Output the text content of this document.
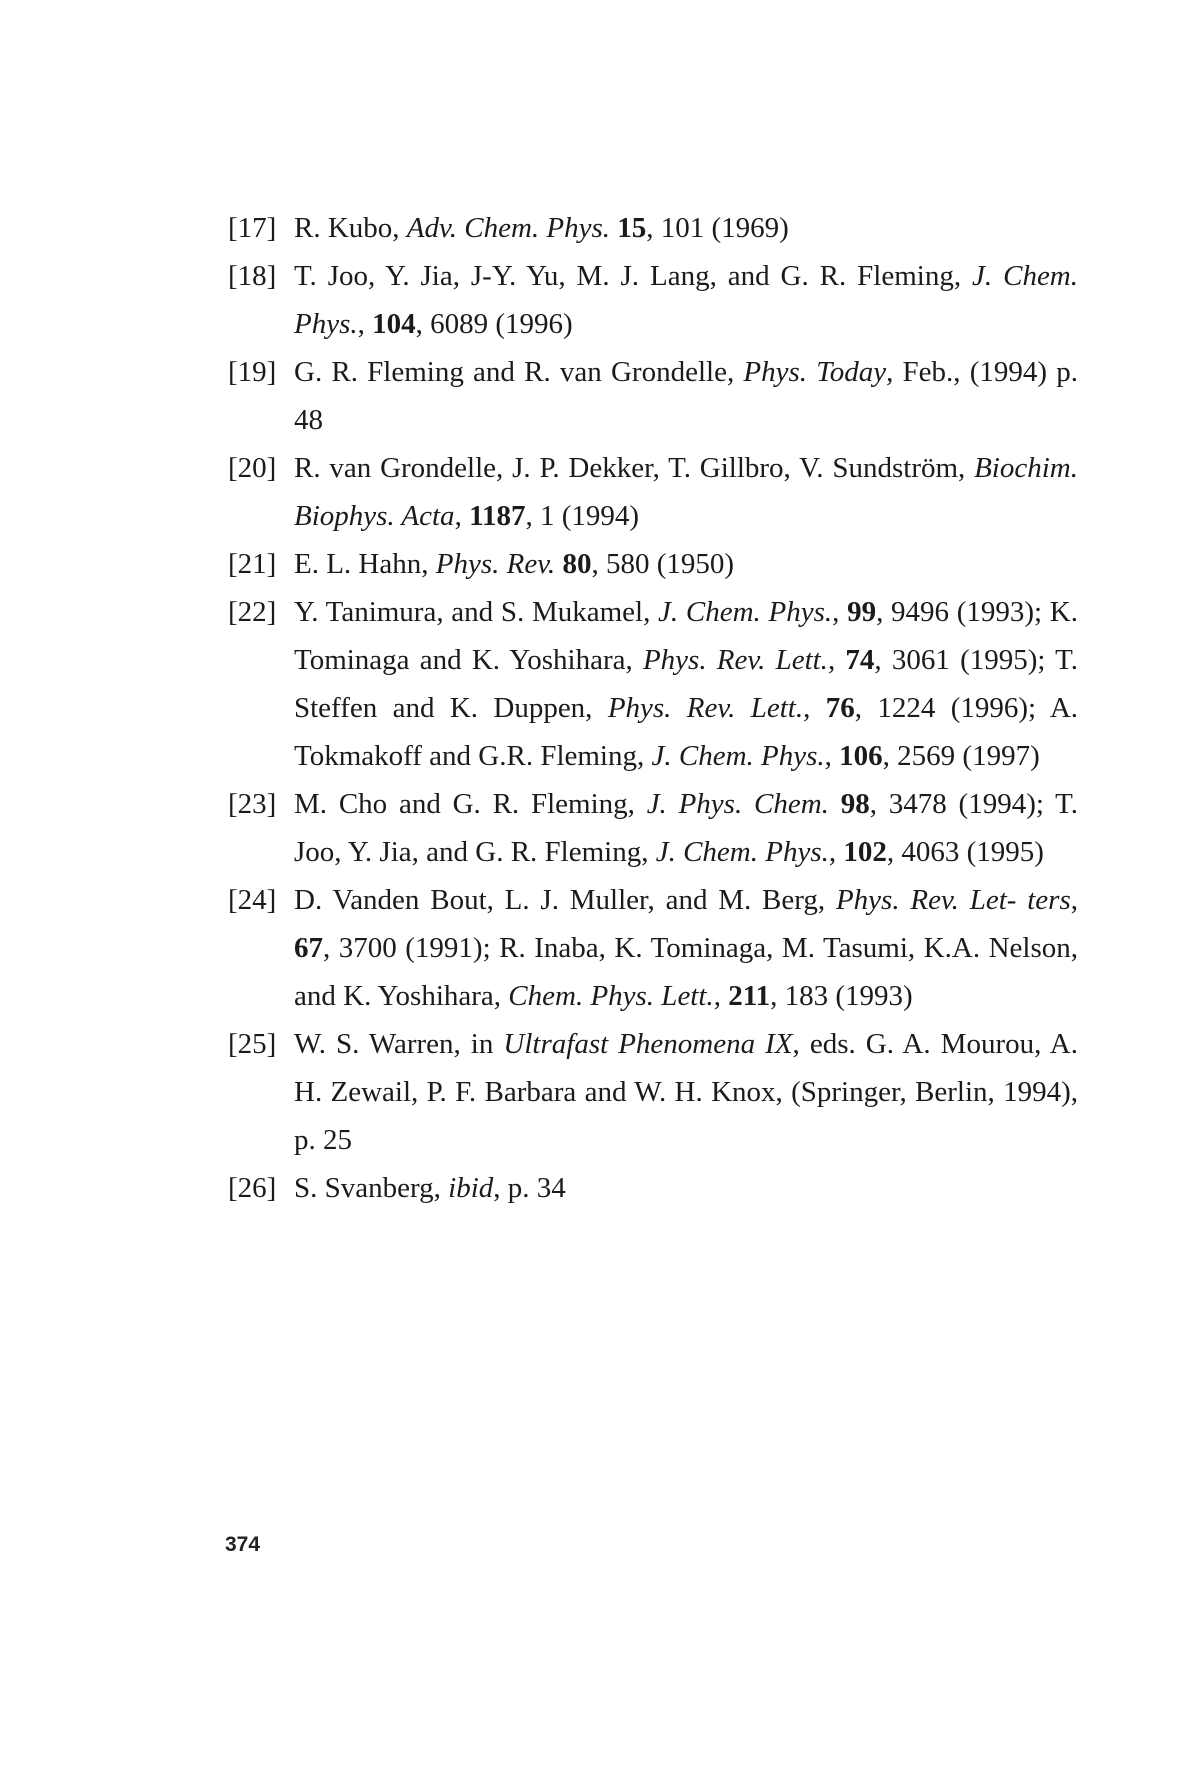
[17] R. Kubo, Adv. Chem. Phys. 15, 101 (1969)
[18] T. Joo, Y. Jia, J-Y. Yu, M. J. Lang, and G. R. Fleming, J. Chem. Phys., 104, 6089 (1996)
[19] G. R. Fleming and R. van Grondelle, Phys. Today, Feb., (1994) p. 48
[20] R. van Grondelle, J. P. Dekker, T. Gillbro, V. Sundström, Biochim. Biophys. Acta, 1187, 1 (1994)
[21] E. L. Hahn, Phys. Rev. 80, 580 (1950)
[22] Y. Tanimura, and S. Mukamel, J. Chem. Phys., 99, 9496 (1993); K. Tominaga and K. Yoshihara, Phys. Rev. Lett., 74, 3061 (1995); T. Steffen and K. Duppen, Phys. Rev. Lett., 76, 1224 (1996); A. Tokmakoff and G.R. Fleming, J. Chem. Phys., 106, 2569 (1997)
[23] M. Cho and G. R. Fleming, J. Phys. Chem. 98, 3478 (1994); T. Joo, Y. Jia, and G. R. Fleming, J. Chem. Phys., 102, 4063 (1995)
[24] D. Vanden Bout, L. J. Muller, and M. Berg, Phys. Rev. Let- ters, 67, 3700 (1991); R. Inaba, K. Tominaga, M. Tasumi, K.A. Nelson, and K. Yoshihara, Chem. Phys. Lett., 211, 183 (1993)
[25] W. S. Warren, in Ultrafast Phenomena IX, eds. G. A. Mourou, A. H. Zewail, P. F. Barbara and W. H. Knox, (Springer, Berlin, 1994), p. 25
[26] S. Svanberg, ibid, p. 34
374
